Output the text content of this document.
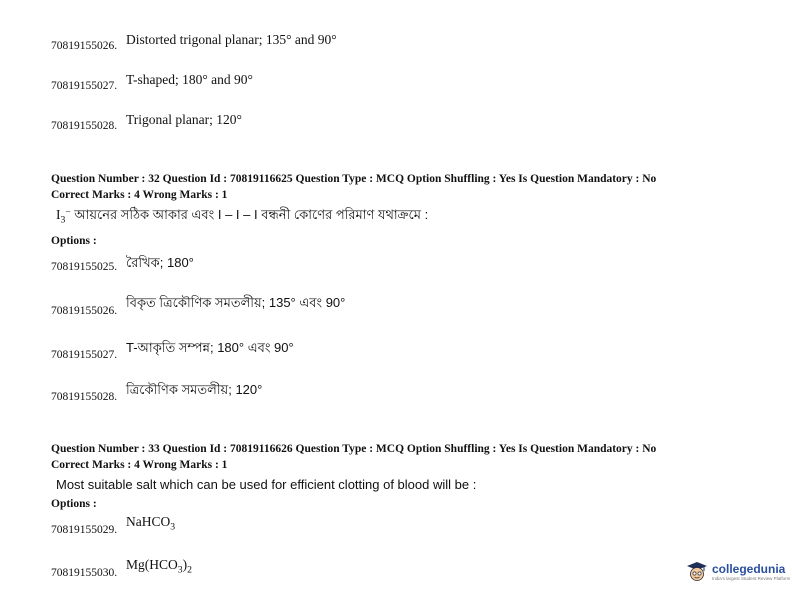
70819155026. Distorted trigonal planar; 135° and 90°
70819155027. T-shaped; 180° and 90°
70819155028. Trigonal planar; 120°
Question Number : 32 Question Id : 70819116625 Question Type : MCQ Option Shuffling : Yes Is Question Mandatory : No
Correct Marks : 4 Wrong Marks : 1
$I_3^-$ আয়নের সঠিক আকার এবং I – I – I বন্ধনী কোণের পরিমাণ যথাক্রমে :
Options :
70819155025. রৈখিক; 180°
70819155026.
বিকৃত ত্রিকৌণিক সমতলীয়; 135° এবং 90°
70819155027. T-আকৃতি সম্পন্ন; 180° এবং 90°
70819155028. ত্রিকৌণিক সমতলীয়; 120°
Question Number : 33 Question Id : 70819116626 Question Type : MCQ Option Shuffling : Yes Is Question Mandatory : No
Correct Marks : 4 Wrong Marks : 1
Most suitable salt which can be used for efficient clotting of blood will be :
Options :
70819155029.
NaHCO$_3$
70819155030.
$Mg(HCO_3)_2$	collegedunia
India's largest Student Review Platform
